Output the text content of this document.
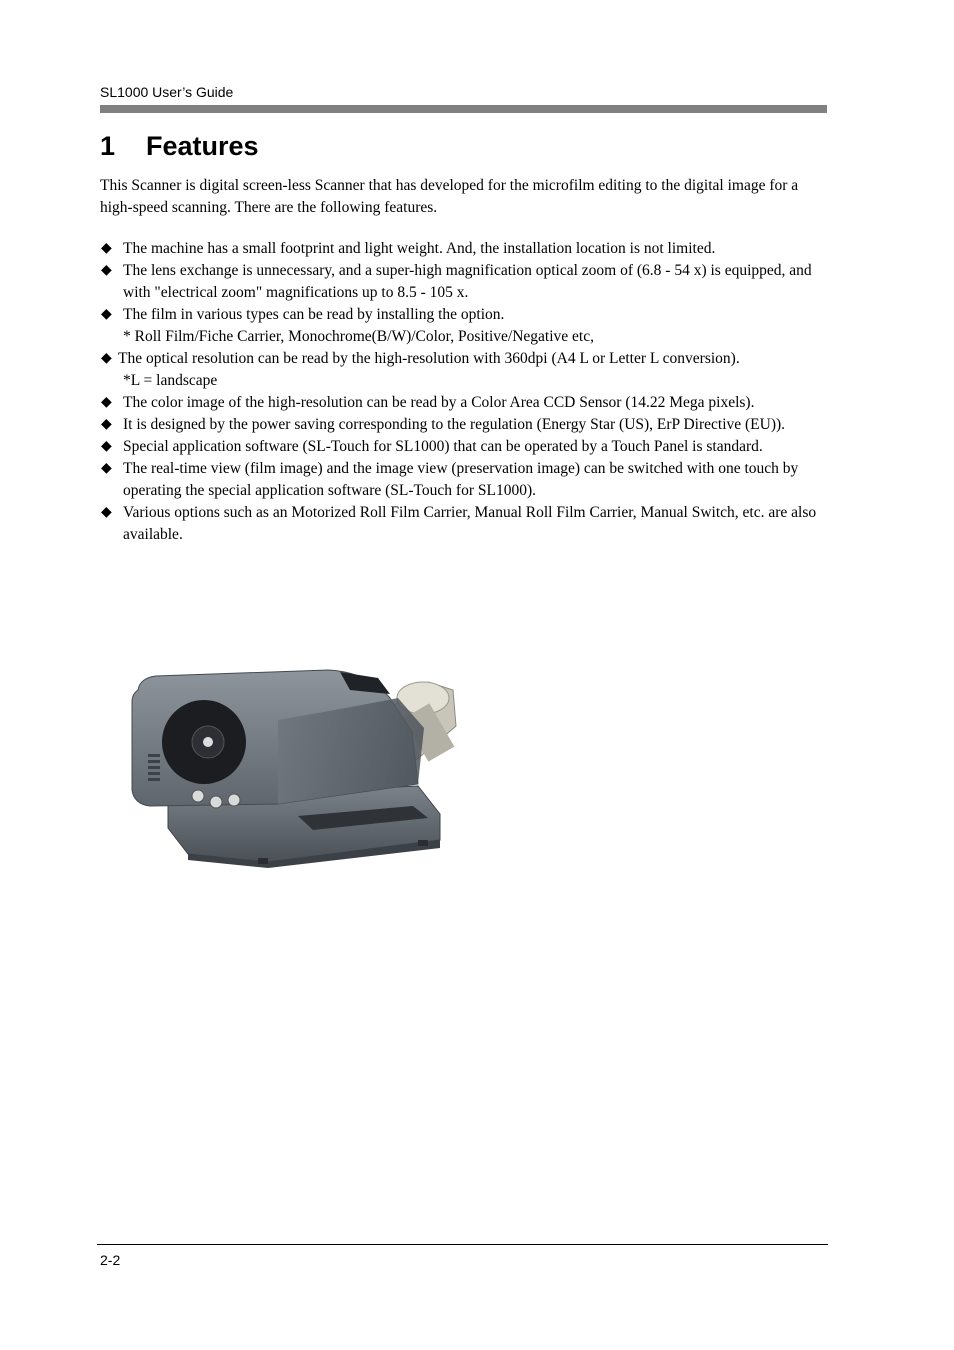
SL1000 User’s Guide
1 Features

This Scanner is digital screen-less Scanner that has developed for the microfilm editing to the digital image for a high-speed scanning. There are the following features.

◆ The machine has a small footprint and light weight. And, the installation location is not limited.
◆ The lens exchange is unnecessary, and a super-high magnification optical zoom of (6.8 - 54 x) is equipped, and with "electrical zoom" magnifications up to 8.5 - 105 x.
◆ The film in various types can be read by installing the option.
* Roll Film/Fiche Carrier, Monochrome(B/W)/Color, Positive/Negative etc,
◆ The optical resolution can be read by the high-resolution with 360dpi (A4 L or Letter L conversion).
*L = landscape
◆ The color image of the high-resolution can be read by a Color Area CCD Sensor (14.22 Mega pixels).
◆ It is designed by the power saving corresponding to the regulation (Energy Star (US), ErP Directive (EU)).
◆ Special application software (SL-Touch for SL1000) that can be operated by a Touch Panel is standard.
◆ The real-time view (film image) and the image view (preservation image) can be switched with one touch by operating the special application software (SL-Touch for SL1000).
◆ Various options such as an Motorized Roll Film Carrier, Manual Roll Film Carrier, Manual Switch, etc. are also available.
2-2
